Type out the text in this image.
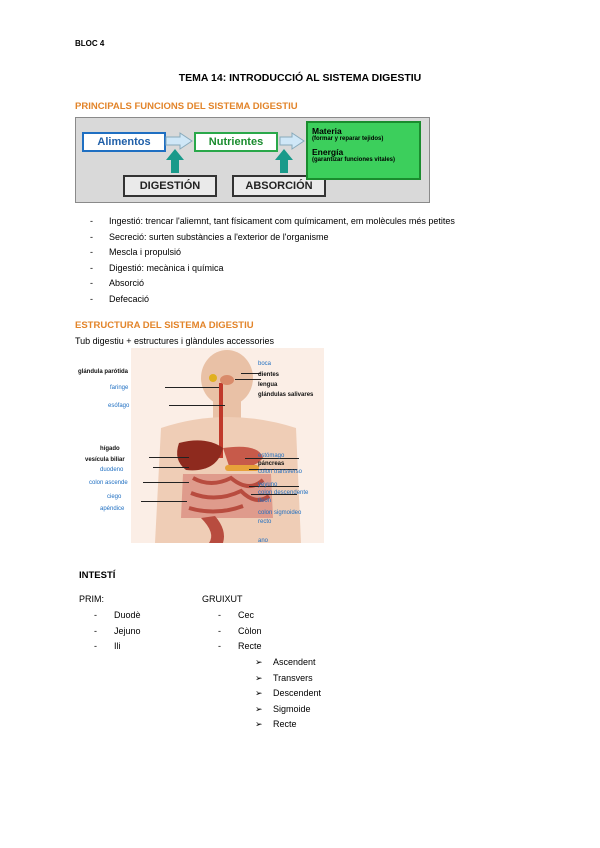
BLOC 4
TEMA 14: INTRODUCCIÓ AL SISTEMA DIGESTIU
PRINCIPALS FUNCIONS DEL SISTEMA DIGESTIU
Alimentos	Nutrientes
DIGESTIÓN	ABSORCIÓN
Materia
(formar y reparar tejidos)
Energía
(garantizar funciones vitales)
- Ingestió: trencar l'aliemnt, tant físicament com químicament, em molècules més petites
- Secreció: surten substàncies a l'exterior de l'organisme
- Mescla i propulsió
- Digestió: mecànica i química
- Absorció
- Defecació
ESTRUCTURA DEL SISTEMA DIGESTIU
Tub digestiu + estructures i glàndules accessories
glándula parótida
faringe
esófago
hígado
vesícula biliar
duodeno
colon ascende
ciego
apéndice
boca
dientes
lengua
glándulas salivares
estómago
páncreas
colon transverso
yeyuno
colon descendente
íleon
colon sigmoideo
recto
ano
INTESTÍ
PRIM:
- Duodè
- Jejuno
- Ili
GRUIXUT
- Cec
- Còlon
- Recte
➢ Ascendent
➢ Transvers
➢ Descendent
➢ Sigmoide
➢ Recte
